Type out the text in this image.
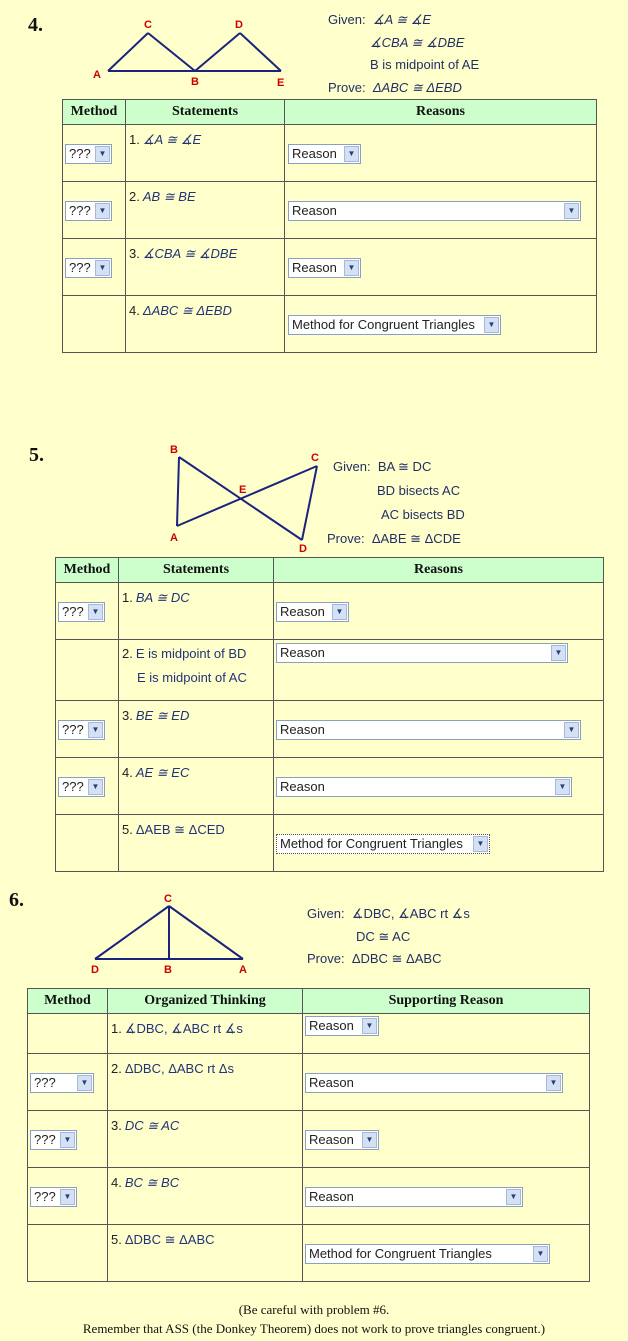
4.
A
C
B
D
E
Given: ∡A ≅ ∡E
∡CBA ≅ ∡DBE
B is midpoint of AE
Prove: ΔABC ≅ ΔEBD
Method	Statements	Reasons

??? ▼	1. ∡A ≅ ∡E	Reason ▼

??? ▼	2. AB ≅ BE	Reason ▼

??? ▼	3. ∡CBA ≅ ∡DBE	Reason ▼

	4. ΔABC ≅ ΔEBD	Method for Congruent Triangles ▼
5.	B
C
E
A
D
Given: BA ≅ DC
BD bisects AC
AC bisects BD
Prove: ΔABE ≅ ΔCDE
Method	Statements	Reasons

??? ▼	1. BA ≅ DC	Reason ▼

	2. E is midpoint of BD
E is midpoint of AC	Reason ▼

??? ▼	3. BE ≅ ED	Reason ▼

??? ▼	4. AE ≅ EC	Reason ▼

	5. ΔAEB ≅ ΔCED	Method for Congruent Triangles ▼
6.	C
D	B	A
Given: ∡DBC, ∡ABC rt ∡s
DC ≅ AC
Prove: ΔDBC ≅ ΔABC
Method	Organized Thinking	Supporting Reason

	1. ∡DBC, ∡ABC rt ∡s	Reason ▼

??? ▼	2. ΔDBC, ΔABC rt Δs	Reason ▼

??? ▼	3. DC ≅ AC	Reason ▼

??? ▼	4. BC ≅ BC	Reason ▼

	5. ΔDBC ≅ ΔABC	Method for Congruent Triangles ▼
(Be careful with problem #6.
Remember that ASS (the Donkey Theorem) does not work to prove triangles congruent.)
